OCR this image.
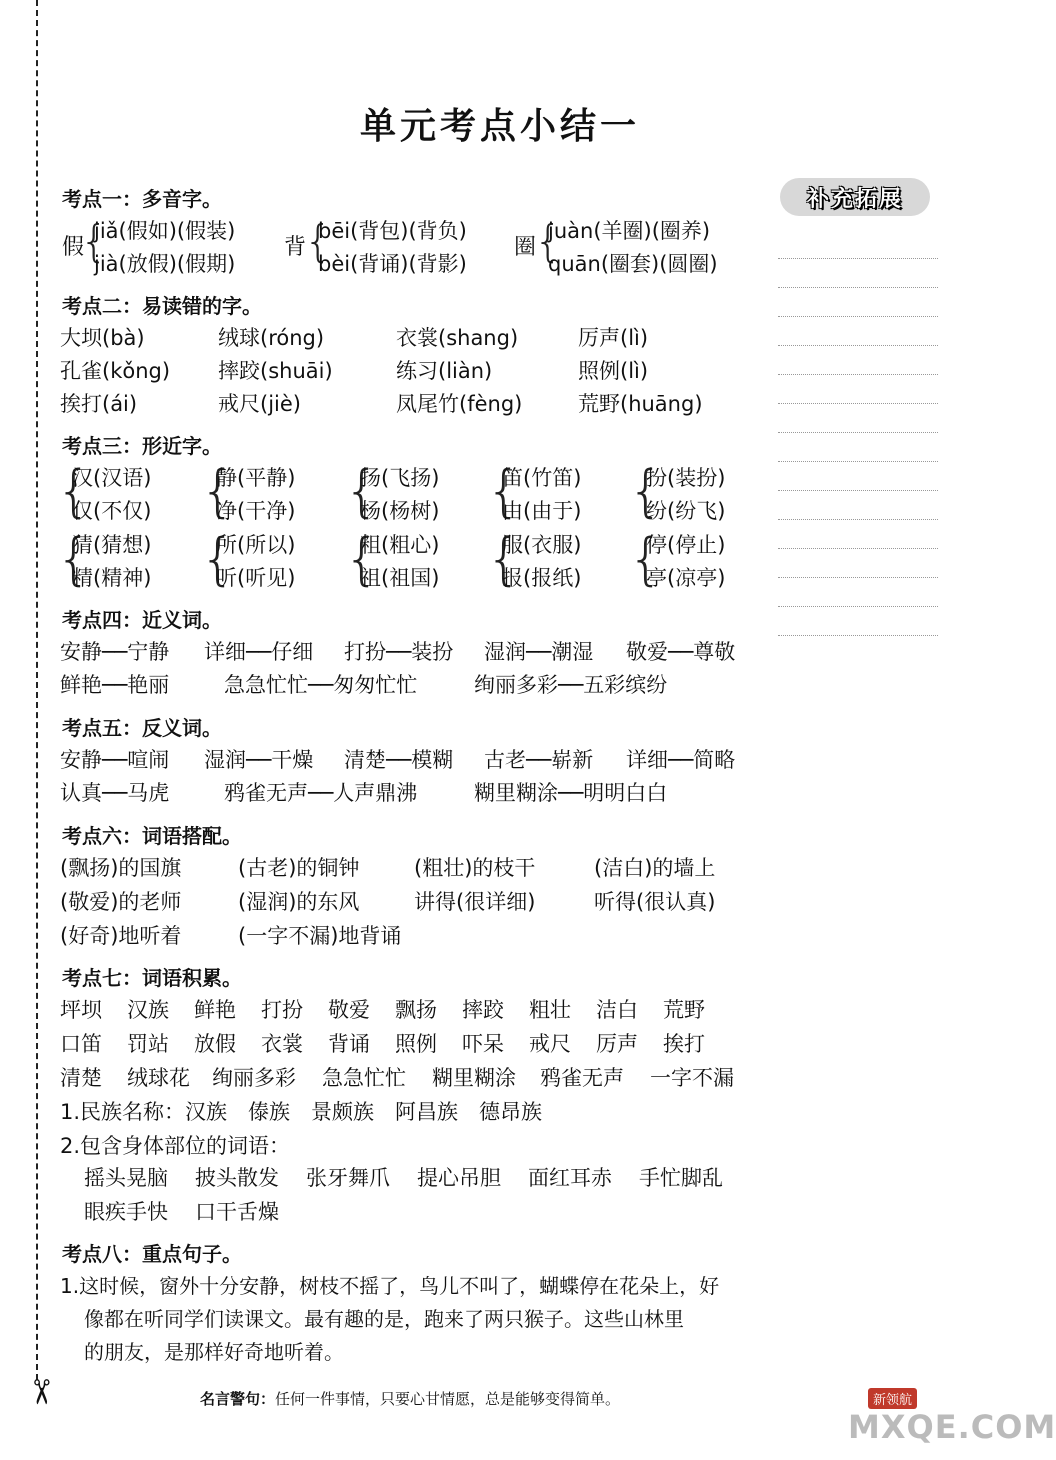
✂
单元考点小结一
补充拓展
考点一：多音字。
假
{
jiǎ(假如)(假装)
jià(放假)(假期)
背
{
bēi(背包)(背负)
bèi(背诵)(背影)
圈
{
juàn(羊圈)(圈养)
quān(圈套)(圆圈)
考点二：易读错的字。
大坝(bà)	绒球(róng)	衣裳(shang)	厉声(lì)
孔雀(kǒng) 摔跤(shuāi)	练习(liàn)	照例(lì)
挨打(ái)	戒尺(jiè)	凤尾竹(fèng)	荒野(huāng)
考点三：形近字。
{ { { { {
汉(汉语)	静(平静)	扬(飞扬)	笛(竹笛)	扮(装扮)
仅(不仅)	净(干净)	杨(杨树)	由(由于)	纷(纷飞)
{ { { { {
猜(猜想)	所(所以)	粗(粗心)	服(衣服)	停(停止)
精(精神)	听(听见)	祖(祖国)	报(报纸)	亭(凉亭)
考点四：近义词。
安静──宁静 详细──仔细 打扮──装扮 湿润──潮湿 敬爱──尊敬
鲜艳──艳丽	急急忙忙──匆匆忙忙	绚丽多彩──五彩缤纷
考点五：反义词。
安静──喧闹 湿润──干燥 清楚──模糊 古老──崭新 详细──简略
认真──马虎	鸦雀无声──人声鼎沸	糊里糊涂──明明白白
考点六：词语搭配。
(飘扬)的国旗	(古老)的铜钟	(粗壮)的枝干	(洁白)的墙上
(敬爱)的老师	(湿润)的东风	讲得(很详细)	听得(很认真)
(好奇)地听着	(一字不漏)地背诵
考点七：词语积累。
坪坝 汉族 鲜艳 打扮 敬爱 飘扬 摔跤 粗壮 洁白 荒野
口笛 罚站 放假 衣裳 背诵 照例 吓呆 戒尺 厉声 挨打
清楚 绒球花 绚丽多彩 急急忙忙 糊里糊涂 鸦雀无声 一字不漏
1.民族名称：汉族　傣族　景颇族　阿昌族　德昂族
2.包含身体部位的词语：
摇头晃脑 披头散发 张牙舞爪 提心吊胆 面红耳赤 手忙脚乱
眼疾手快 口干舌燥
考点八：重点句子。
1.这时候，窗外十分安静，树枝不摇了，鸟儿不叫了，蝴蝶停在花朵上，好
像都在听同学们读课文。最有趣的是，跑来了两只猴子。这些山林里
的朋友，是那样好奇地听着。
名言警句：任何一件事情，只要心甘情愿，总是能够变得简单。	新领航
MXQE.COM
